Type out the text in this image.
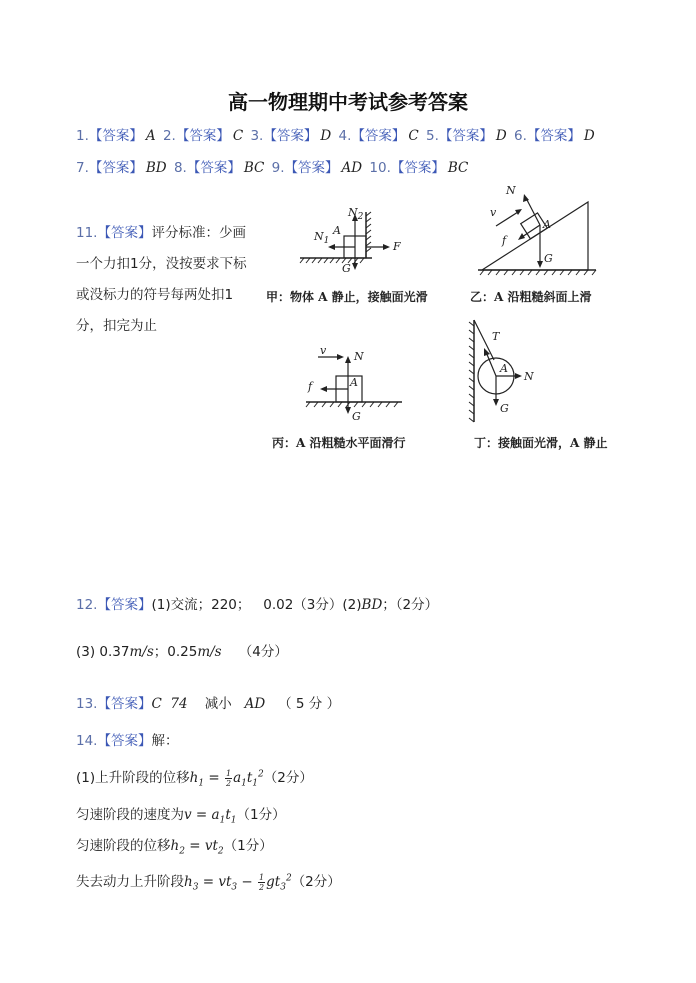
高一物理期中考试参考答案
1.【答案】 A 2.【答案】 C 3.【答案】 D 4.【答案】 C 5.【答案】 D 6.【答案】 D
7.【答案】 BD 8.【答案】 BC 9.【答案】 AD 10.【答案】 BC
11.【答案】评分标准：少画一个力扣1分，没按要求下标或没标力的符号每两处扣1分，扣完为止
$N_2$
$N_1$
A
F
G
甲：物体 A 静止，接触面光滑
N
v
f
A
G
乙：A 沿粗糙斜面上滑
v	N
f	A
G
丙：A 沿粗糙水平面滑行
T
A
N
G
丁：接触面光滑，A 静止
12.【答案】(1)交流；220； 0.02（3分）(2)BD；（2分）
(3) 0.37m/s；0.25m/s （4分）
13.【答案】C 74 减小 AD （ 5 分 ）
14.【答案】解：
(1)上升阶段的位移$h_1 = \frac{1}{2} a_1t_1^2(2$分）
匀速阶段的速度为$v = a_1t_1(1$分）
匀速阶段的位移$h_2 = vt_2(1$分）
失去动力上升阶段$h_3 = vt_3 - \frac{1}{2} gt_3^2(2$分）
